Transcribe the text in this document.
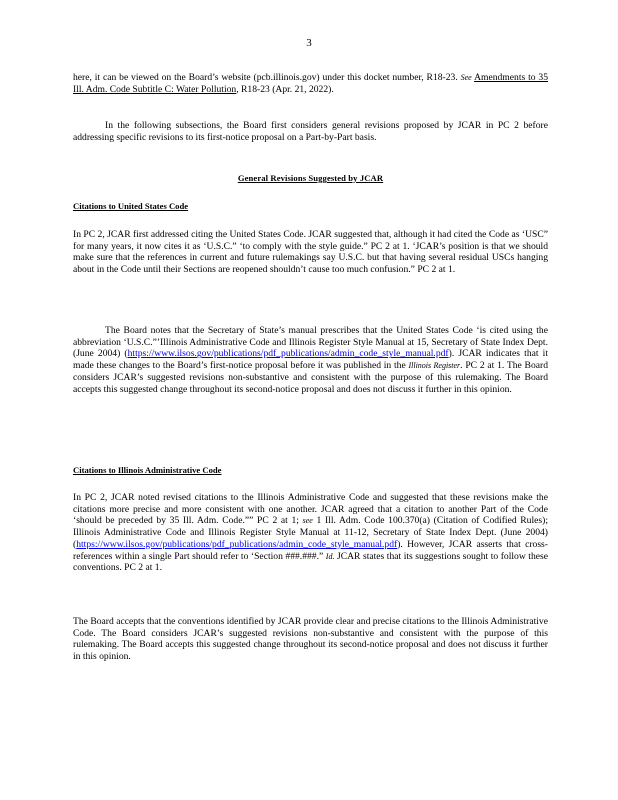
3

here, it can be viewed on the Board’s website (pcb.illinois.gov) under this docket number, R18-23. See Amendments to 35 Ill. Adm. Code Subtitle C: Water Pollution, R18-23 (Apr. 21, 2022).

In the following subsections, the Board first considers general revisions proposed by JCAR in PC 2 before addressing specific revisions to its first-notice proposal on a Part-by-Part basis.

General Revisions Suggested by JCAR
Citations to United States Code

In PC 2, JCAR first addressed citing the United States Code. JCAR suggested that, although it had cited the Code as ‘USC” for many years, it now cites it as ‘U.S.C.” ‘to comply with the style guide.” PC 2 at 1. ‘JCAR’s position is that we should make sure that the references in current and future rulemakings say U.S.C. but that having several residual USCs hanging about in the Code until their Sections are reopened shouldn’t cause too much confusion.” PC 2 at 1.

The Board notes that the Secretary of State’s manual prescribes that the United States Code ‘is cited using the abbreviation ‘U.S.C.”’Illinois Administrative Code and Illinois Register Style Manual at 15, Secretary of State Index Dept. (June 2004) (https://www.ilsos.gov/publications/pdf_publications/admin_code_style_manual.pdf). JCAR indicates that it made these changes to the Board’s first-notice proposal before it was published in the Illinois Register. PC 2 at 1. The Board considers JCAR’s suggested revisions non-substantive and consistent with the purpose of this rulemaking. The Board accepts this suggested change throughout its second-notice proposal and does not discuss it further in this opinion.

Citations to Illinois Administrative Code

In PC 2, JCAR noted revised citations to the Illinois Administrative Code and suggested that these revisions make the citations more precise and more consistent with one another. JCAR agreed that a citation to another Part of the Code ‘should be preceded by 35 Ill. Adm. Code.”” PC 2 at 1; see 1 Ill. Adm. Code 100.370(a) (Citation of Codified Rules); Illinois Administrative Code and Illinois Register Style Manual at 11-12, Secretary of State Index Dept. (June 2004) (https://www.ilsos.gov/publications/pdf_publications/admin_code_style_manual.pdf). However, JCAR asserts that cross-references within a single Part should refer to ‘Section ###.###.” Id. JCAR states that its suggestions sought to follow these conventions. PC 2 at 1.

The Board accepts that the conventions identified by JCAR provide clear and precise citations to the Illinois Administrative Code. The Board considers JCAR’s suggested revisions non-substantive and consistent with the purpose of this rulemaking. The Board accepts this suggested change throughout its second-notice proposal and does not discuss it further in this opinion.
